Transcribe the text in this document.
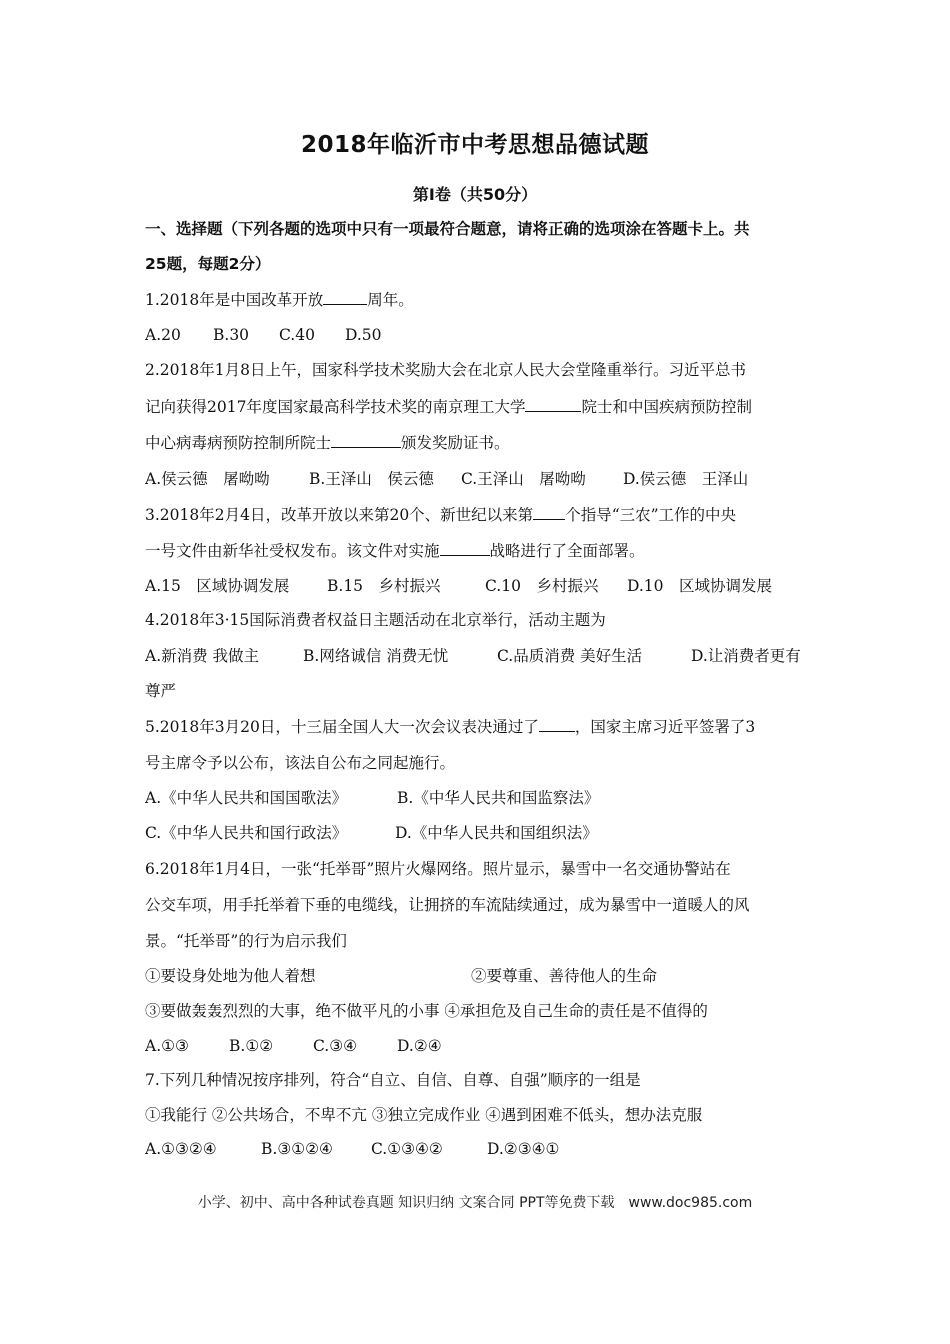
2018年临沂市中考思想品德试题
第Ⅰ卷（共50分）
一、选择题（下列各题的选项中只有一项最符合题意，请将正确的选项涂在答题卡上。共
25题，每题2分）
1.2018年是中国改革开放	周年。
A.20 B.30 C.40 D.50
2.2018年1月8日上午，国家科学技术奖励大会在北京人民大会堂隆重举行。习近平总书
记向获得2017年度国家最高科学技术奖的南京理工大学	院士和中国疾病预防控制
中心病毒病预防控制所院士	颁发奖励证书。
A.侯云德　屠呦呦	B.王泽山　侯云德 C.王泽山　屠呦呦 D.侯云德　王泽山
3.2018年2月4日，改革开放以来第20个、新世纪以来第 个指导“三农”工作的中央
一号文件由新华社受权发布。该文件对实施	战略进行了全面部署。
A.15　区域协调发展 B.15　乡村振兴	C.10　乡村振兴 D.10　区域协调发展
4.2018年3·15国际消费者权益日主题活动在北京举行，活动主题为
A.新消费 我做主	B.网络诚信 消费无忧	C.品质消费 美好生活	D.让消费者更有
尊严
5.2018年3月20日，十三届全国人大一次会议表决通过了 ，国家主席习近平签署了3
号主席令予以公布，该法自公布之同起施行。
A.《中华人民共和国国歌法》	B.《中华人民共和国监察法》
C.《中华人民共和国行政法》	D.《中华人民共和国组织法》
6.2018年1月4日，一张“托举哥”照片火爆网络。照片显示，暴雪中一名交通协警站在
公交车项，用手托举着下垂的电缆线，让拥挤的车流陆续通过，成为暴雪中一道暖人的风
景。“托举哥”的行为启示我们
①要设身处地为他人着想	②要尊重、善待他人的生命
③要做轰轰烈烈的大事，绝不做平凡的小事 ④承担危及自己生命的责任是不值得的
A.①③	B.①②	C.③④	D.②④
7.下列几种情况按序排列，符合“自立、自信、自尊、自强”顺序的一组是
①我能行 ②公共场合，不卑不亢 ③独立完成作业 ④遇到困难不低头，想办法克服
A.①③②④	B.③①②④ C.①③④②	D.②③④①
小学、初中、高中各种试卷真题 知识归纳 文案合同 PPT等免费下载　www.doc985.com
